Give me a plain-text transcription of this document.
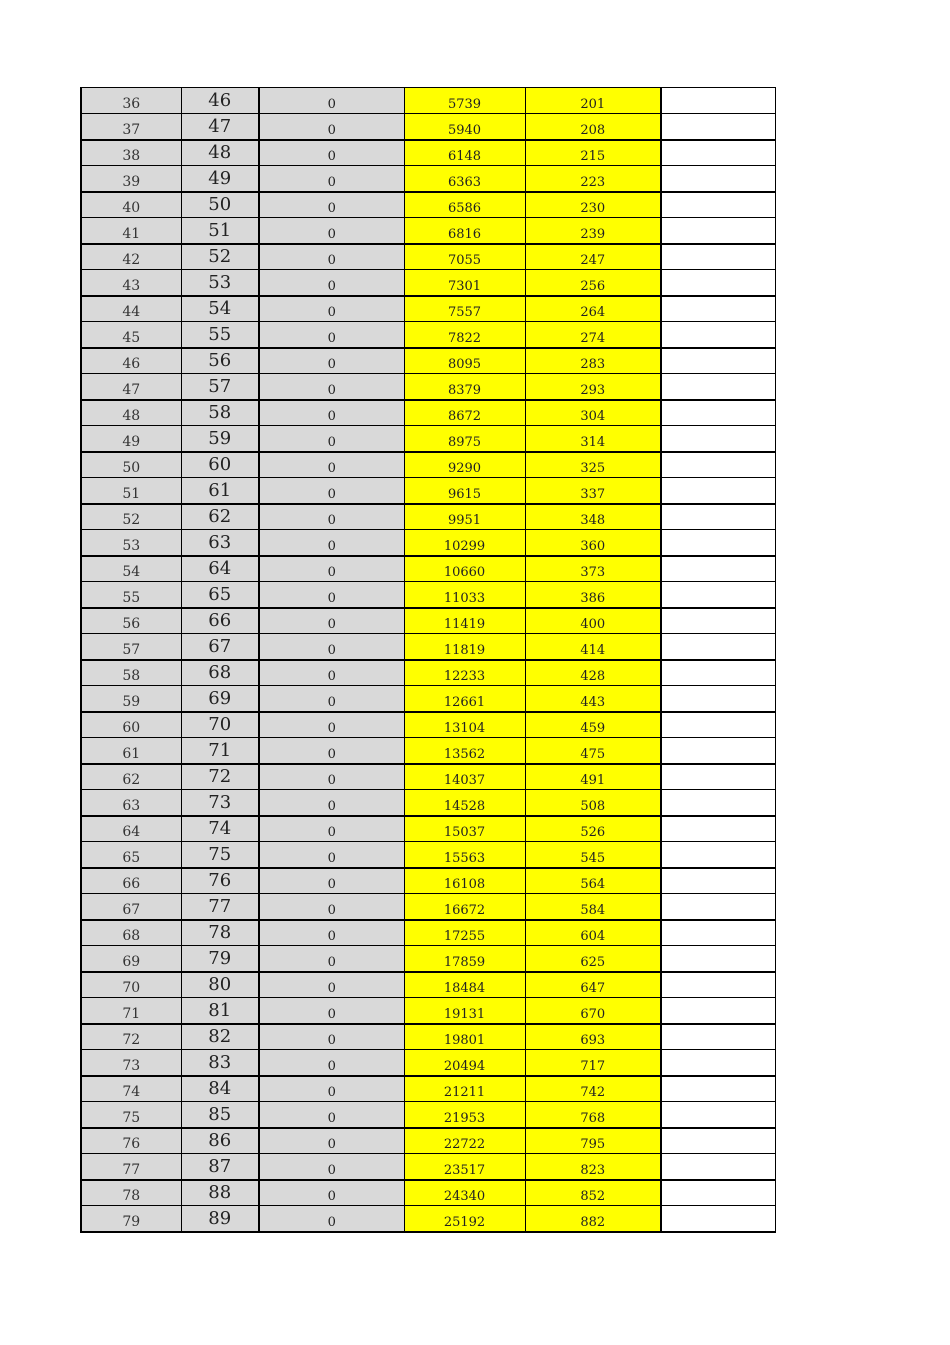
36	46	0	5739	201	
37	47	0	5940	208	
38	48	0	6148	215	
39	49	0	6363	223	
40	50	0	6586	230	
41	51	0	6816	239	
42	52	0	7055	247	
43	53	0	7301	256	
44	54	0	7557	264	
45	55	0	7822	274	
46	56	0	8095	283	
47	57	0	8379	293	
48	58	0	8672	304	
49	59	0	8975	314	
50	60	0	9290	325	
51	61	0	9615	337	
52	62	0	9951	348	
53	63	0	10299	360	
54	64	0	10660	373	
55	65	0	11033	386	
56	66	0	11419	400	
57	67	0	11819	414	
58	68	0	12233	428	
59	69	0	12661	443	
60	70	0	13104	459	
61	71	0	13562	475	
62	72	0	14037	491	
63	73	0	14528	508	
64	74	0	15037	526	
65	75	0	15563	545	
66	76	0	16108	564	
67	77	0	16672	584	
68	78	0	17255	604	
69	79	0	17859	625	
70	80	0	18484	647	
71	81	0	19131	670	
72	82	0	19801	693	
73	83	0	20494	717	
74	84	0	21211	742	
75	85	0	21953	768	
76	86	0	22722	795	
77	87	0	23517	823	
78	88	0	24340	852	
79	89	0	25192	882	
